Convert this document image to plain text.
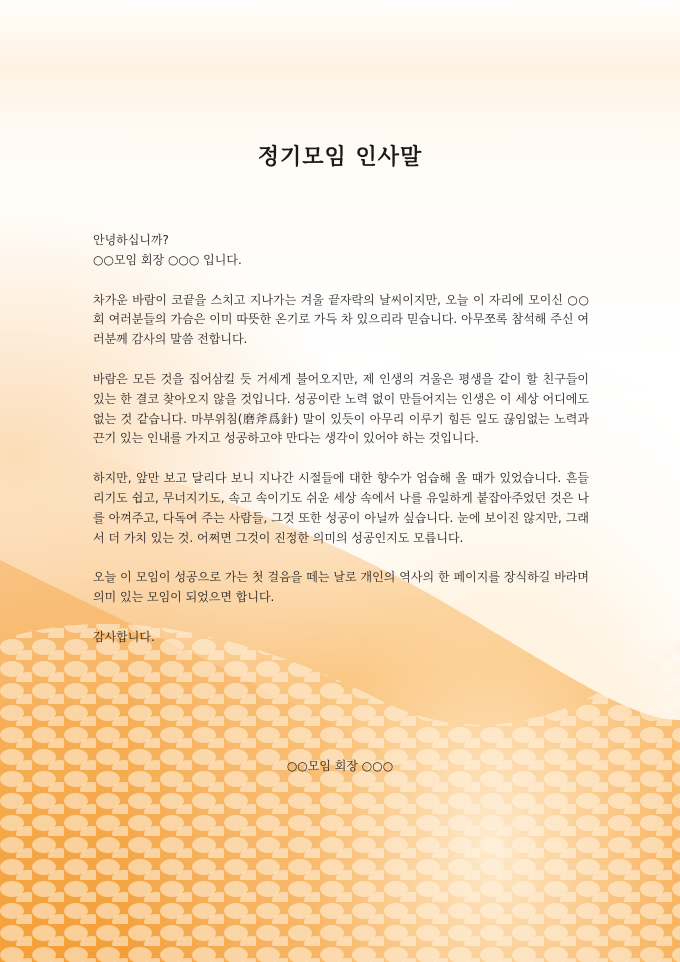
정기모임 인사말

안녕하십니까?

○○모임 회장 ○○○ 입니다.

차가운 바람이 코끝을 스치고 지나가는 겨울 끝자락의 날씨이지만, 오늘 이 자리에 모이신 ○○회 여러분들의 가슴은 이미 따뜻한 온기로 가득 차 있으리라 믿습니다. 아무쪼록 참석해 주신 여러분께 감사의 말씀 전합니다.

바람은 모든 것을 집어삼킬 듯 거세게 불어오지만, 제 인생의 겨울은 평생을 같이 할 친구들이 있는 한 결코 찾아오지 않을 것입니다. 성공이란 노력 없이 만들어지는 인생은 이 세상 어디에도 없는 것 같습니다. 마부위침(磨斧爲針) 말이 있듯이 아무리 이루기 힘든 일도 끊임없는 노력과 끈기 있는 인내를 가지고 성공하고야 만다는 생각이 있어야 하는 것입니다.

하지만, 앞만 보고 달리다 보니 지나간 시절들에 대한 향수가 엄습해 올 때가 있었습니다. 흔들리기도 쉽고, 무너지기도, 속고 속이기도 쉬운 세상 속에서 나를 유일하게 붙잡아주었던 것은 나를 아껴주고, 다독여 주는 사람들, 그것 또한 성공이 아닐까 싶습니다. 눈에 보이진 않지만, 그래서 더 가치 있는 것. 어쩌면 그것이 진정한 의미의 성공인지도 모릅니다.

오늘 이 모임이 성공으로 가는 첫 걸음을 떼는 날로 개인의 역사의 한 페이지를 장식하길 바라며 의미 있는 모임이 되었으면 합니다.

감사합니다.

○○모임 회장 ○○○
